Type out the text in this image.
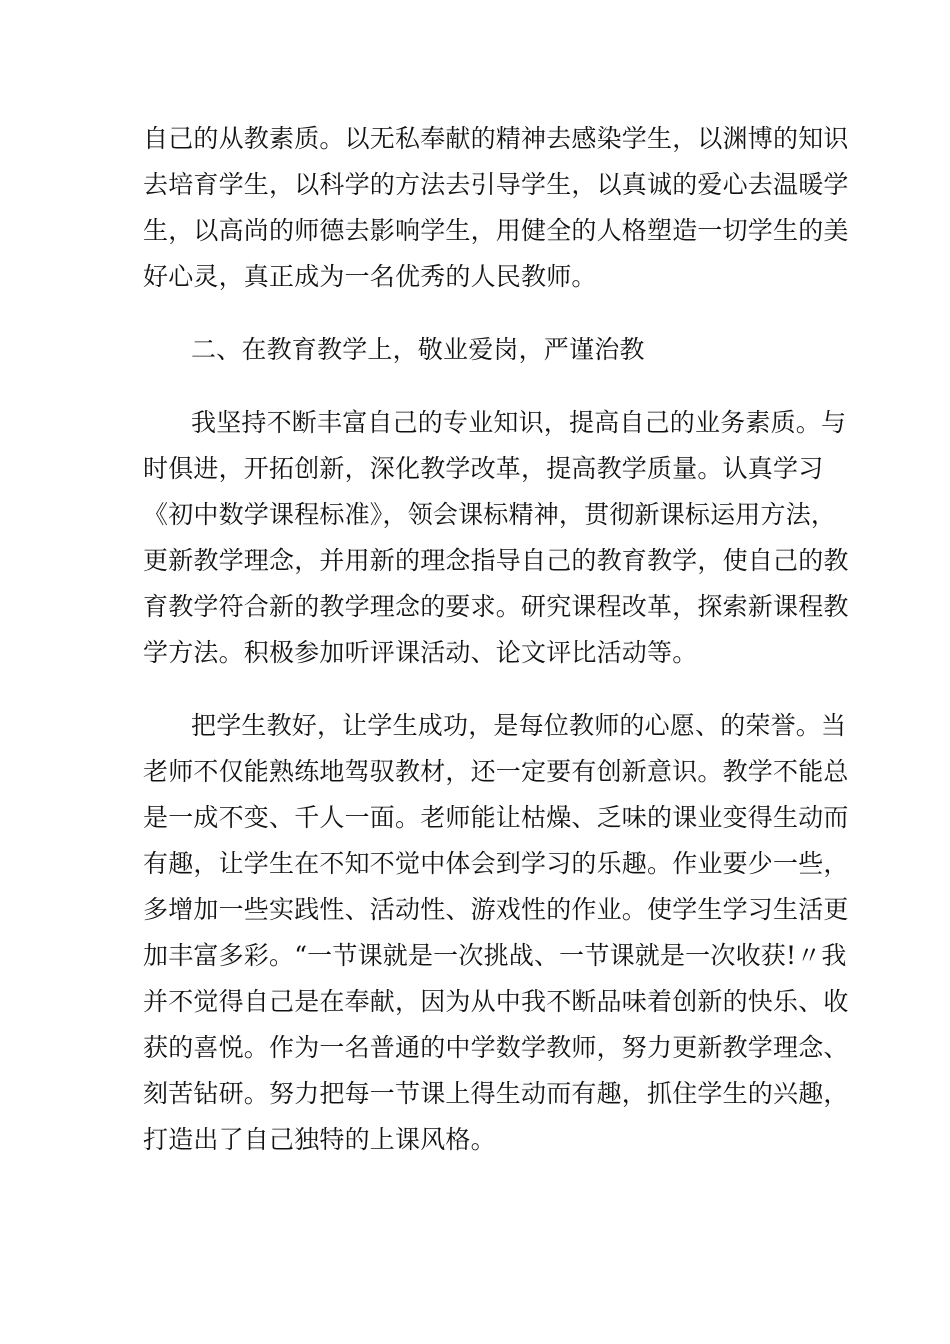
自己的从教素质。以无私奉献的精神去感染学生，以渊博的知识
去培育学生，以科学的方法去引导学生，以真诚的爱心去温暖学
生，以高尚的师德去影响学生，用健全的人格塑造一切学生的美
好心灵，真正成为一名优秀的人民教师。
二、在教育教学上，敬业爱岗，严谨治教
我坚持不断丰富自己的专业知识，提高自己的业务素质。与
时俱进，开拓创新，深化教学改革，提高教学质量。认真学习
《初中数学课程标准》，领会课标精神，贯彻新课标运用方法，
更新教学理念，并用新的理念指导自己的教育教学，使自己的教
育教学符合新的教学理念的要求。研究课程改革，探索新课程教
学方法。积极参加听评课活动、论文评比活动等。
把学生教好，让学生成功，是每位教师的心愿、的荣誉。当
老师不仅能熟练地驾驭教材，还一定要有创新意识。教学不能总
是一成不变、千人一面。老师能让枯燥、乏味的课业变得生动而
有趣，让学生在不知不觉中体会到学习的乐趣。作业要少一些，
多增加一些实践性、活动性、游戏性的作业。使学生学习生活更
加丰富多彩。“一节课就是一次挑战、一节课就是一次收获!〃我
并不觉得自己是在奉献，因为从中我不断品味着创新的快乐、收
获的喜悦。作为一名普通的中学数学教师，努力更新教学理念、
刻苦钻研。努力把每一节课上得生动而有趣，抓住学生的兴趣，
打造出了自己独特的上课风格。
